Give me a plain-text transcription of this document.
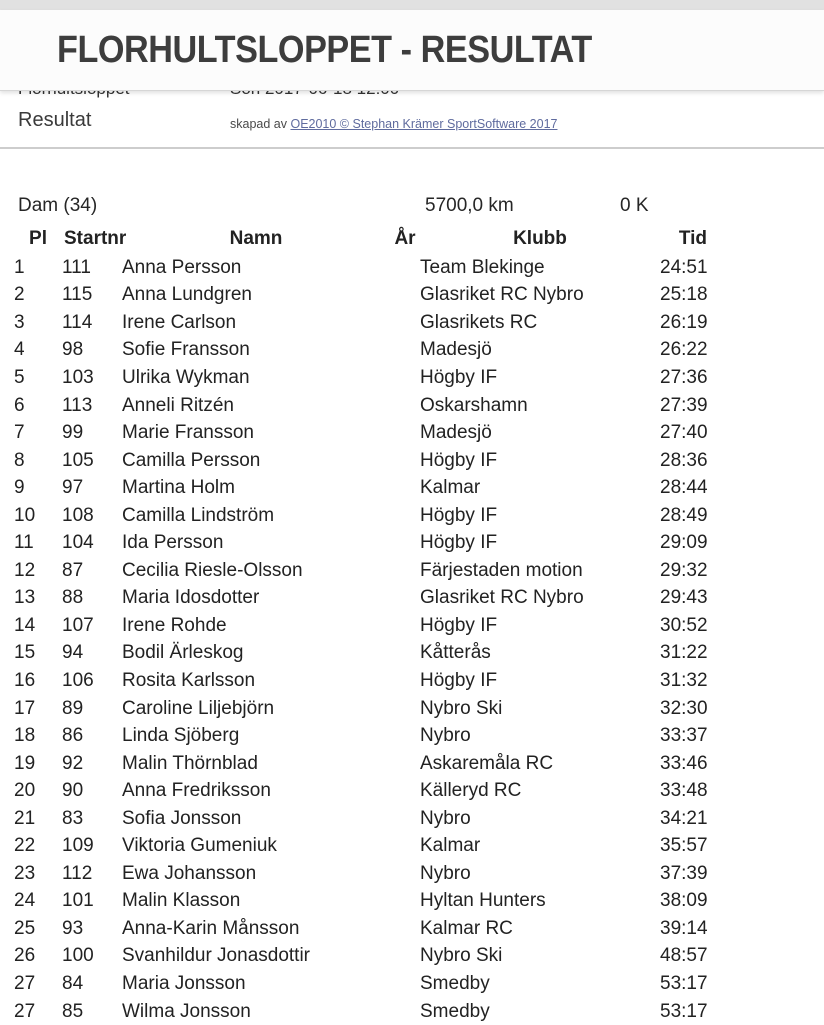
FLORHULTSLOPPET - RESULTAT
Resultat	skapad av OE2010 © Stephan Krämer SportSoftware 2017
Dam (34)	5700,0 km	0 K
Pl	Startnr	Namn	År	Klubb	Tid
1	111	Anna Persson		Team Blekinge	24:51
2	115	Anna Lundgren		Glasriket RC Nybro	25:18
3	114	Irene Carlson		Glasrikets RC	26:19
4	98	Sofie Fransson		Madesjö	26:22
5	103	Ulrika Wykman		Högby IF	27:36
6	113	Anneli Ritzén		Oskarshamn	27:39
7	99	Marie Fransson		Madesjö	27:40
8	105	Camilla Persson		Högby IF	28:36
9	97	Martina Holm		Kalmar	28:44
10	108	Camilla Lindström		Högby IF	28:49
11	104	Ida Persson		Högby IF	29:09
12	87	Cecilia Riesle-Olsson		Färjestaden motion	29:32
13	88	Maria Idosdotter		Glasriket RC Nybro	29:43
14	107	Irene Rohde		Högby IF	30:52
15	94	Bodil Ärleskog		Kåtterås	31:22
16	106	Rosita Karlsson		Högby IF	31:32
17	89	Caroline Liljebjörn		Nybro Ski	32:30
18	86	Linda Sjöberg		Nybro	33:37
19	92	Malin Thörnblad		Askaremåla RC	33:46
20	90	Anna Fredriksson		Källeryd RC	33:48
21	83	Sofia Jonsson		Nybro	34:21
22	109	Viktoria Gumeniuk		Kalmar	35:57
23	112	Ewa Johansson		Nybro	37:39
24	101	Malin Klasson		Hyltan Hunters	38:09
25	93	Anna-Karin Månsson		Kalmar RC	39:14
26	100	Svanhildur Jonasdottir		Nybro Ski	48:57
27	84	Maria Jonsson		Smedby	53:17
27	85	Wilma Jonsson		Smedby	53:17
